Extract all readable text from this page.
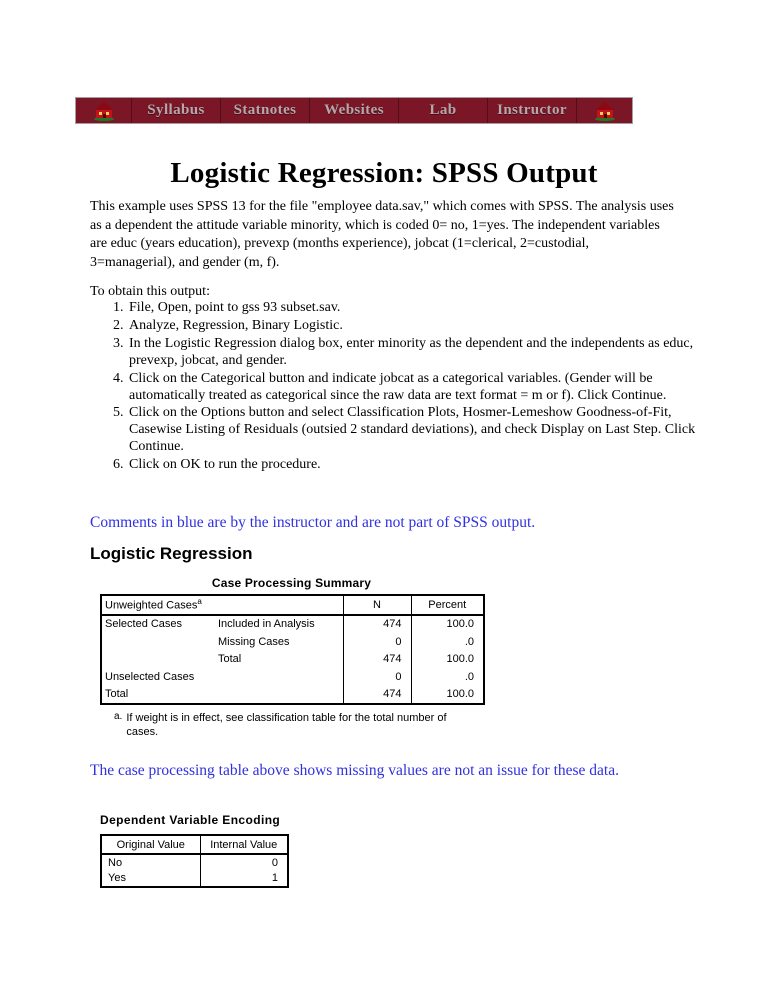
Syllabus	Statnotes	Websites	Lab	Instructor
Logistic Regression: SPSS Output

This example uses SPSS 13 for the file "employee data.sav," which comes with SPSS. The analysis uses as a dependent the attitude variable minority, which is coded 0= no, 1=yes. The independent variables are educ (years education), prevexp (months experience), jobcat (1=clerical, 2=custodial, 3=managerial), and gender (m, f).

To obtain this output:

1. File, Open, point to gss 93 subset.sav.
2. Analyze, Regression, Binary Logistic.
3. In the Logistic Regression dialog box, enter minority as the dependent and the independents as educ, prevexp, jobcat, and gender.
4. Click on the Categorical button and indicate jobcat as a categorical variables. (Gender will be automatically treated as categorical since the raw data are text format = m or f). Click Continue.
5. Click on the Options button and select Classification Plots, Hosmer-Lemeshow Goodness-of-Fit, Casewise Listing of Residuals (outsied 2 standard deviations), and check Display on Last Step. Click Continue.
6. Click on OK to run the procedure.

Comments in blue are by the instructor and are not part of SPSS output.

Logistic Regression
Case Processing Summary
Unweighted Cases$^a$		N	Percent
Selected Cases	Included in Analysis	474	100.0
	Missing Cases	0	.0
	Total	474	100.0
Unselected Cases		0	.0
Total		474	100.0
a. If weight is in effect, see classification table for the total number of cases.

The case processing table above shows missing values are not an issue for these data.

Dependent Variable Encoding
Original Value	Internal Value
No	0
Yes	1
